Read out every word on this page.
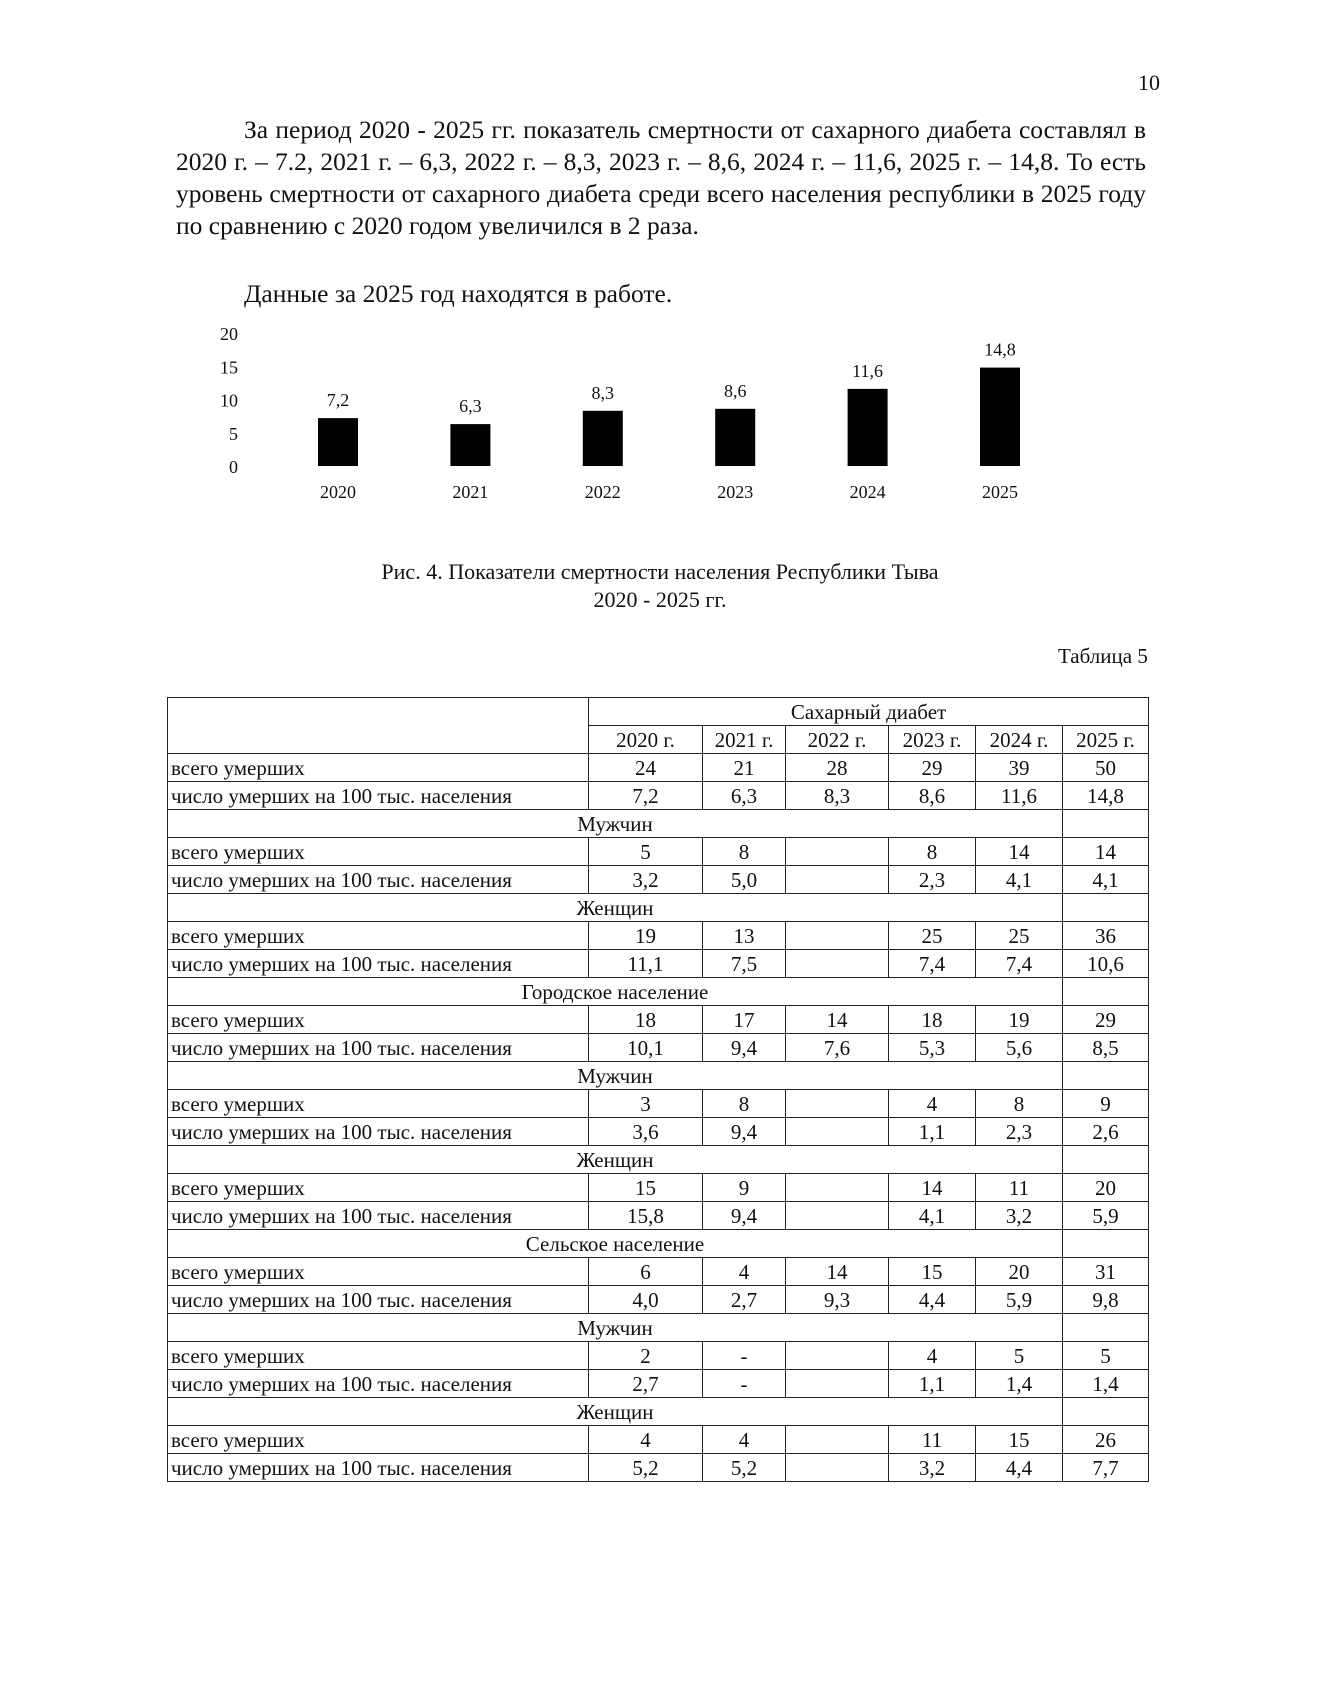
10

За период 2020 - 2025 гг. показатель смертности от сахарного диабета составлял в 2020 г. – 7.2, 2021 г. – 6,3, 2022 г. – 8,3, 2023 г. – 8,6, 2024 г. – 11,6, 2025 г. – 14,8. То есть уровень смертности от сахарного диабета среди всего населения республики в 2025 году по сравнению с 2020 годом увеличился в 2 раза.

Данные за 2025 год находятся в работе.

0
5
10
15
20
7,2
2020
6,3
2021
8,3
2022
8,6
2023
11,6
2024
14,8
2025
Рис. 4. Показатели смертности населения Республики Тыва
2020 - 2025 гг.
Таблица 5
	Сахарный диабет					
	2020 г.	2021 г.	2022 г.	2023 г.	2024 г.	2025 г.
всего умерших	24	21	28	29	39	50
число умерших на 100 тыс. населения	7,2	6,3	8,3	8,6	11,6	14,8
Мужчин						
всего умерших	5	8		8	14	14
число умерших на 100 тыс. населения	3,2	5,0		2,3	4,1	4,1
Женщин						
всего умерших	19	13		25	25	36
число умерших на 100 тыс. населения	11,1	7,5		7,4	7,4	10,6
Городское население						
всего умерших	18	17	14	18	19	29
число умерших на 100 тыс. населения	10,1	9,4	7,6	5,3	5,6	8,5
Мужчин						
всего умерших	3	8		4	8	9
число умерших на 100 тыс. населения	3,6	9,4		1,1	2,3	2,6
Женщин						
всего умерших	15	9		14	11	20
число умерших на 100 тыс. населения	15,8	9,4		4,1	3,2	5,9
Сельское население						
всего умерших	6	4	14	15	20	31
число умерших на 100 тыс. населения	4,0	2,7	9,3	4,4	5,9	9,8
Мужчин						
всего умерших	2	-		4	5	5
число умерших на 100 тыс. населения	2,7	-		1,1	1,4	1,4
Женщин						
всего умерших	4	4		11	15	26
число умерших на 100 тыс. населения	5,2	5,2		3,2	4,4	7,7
